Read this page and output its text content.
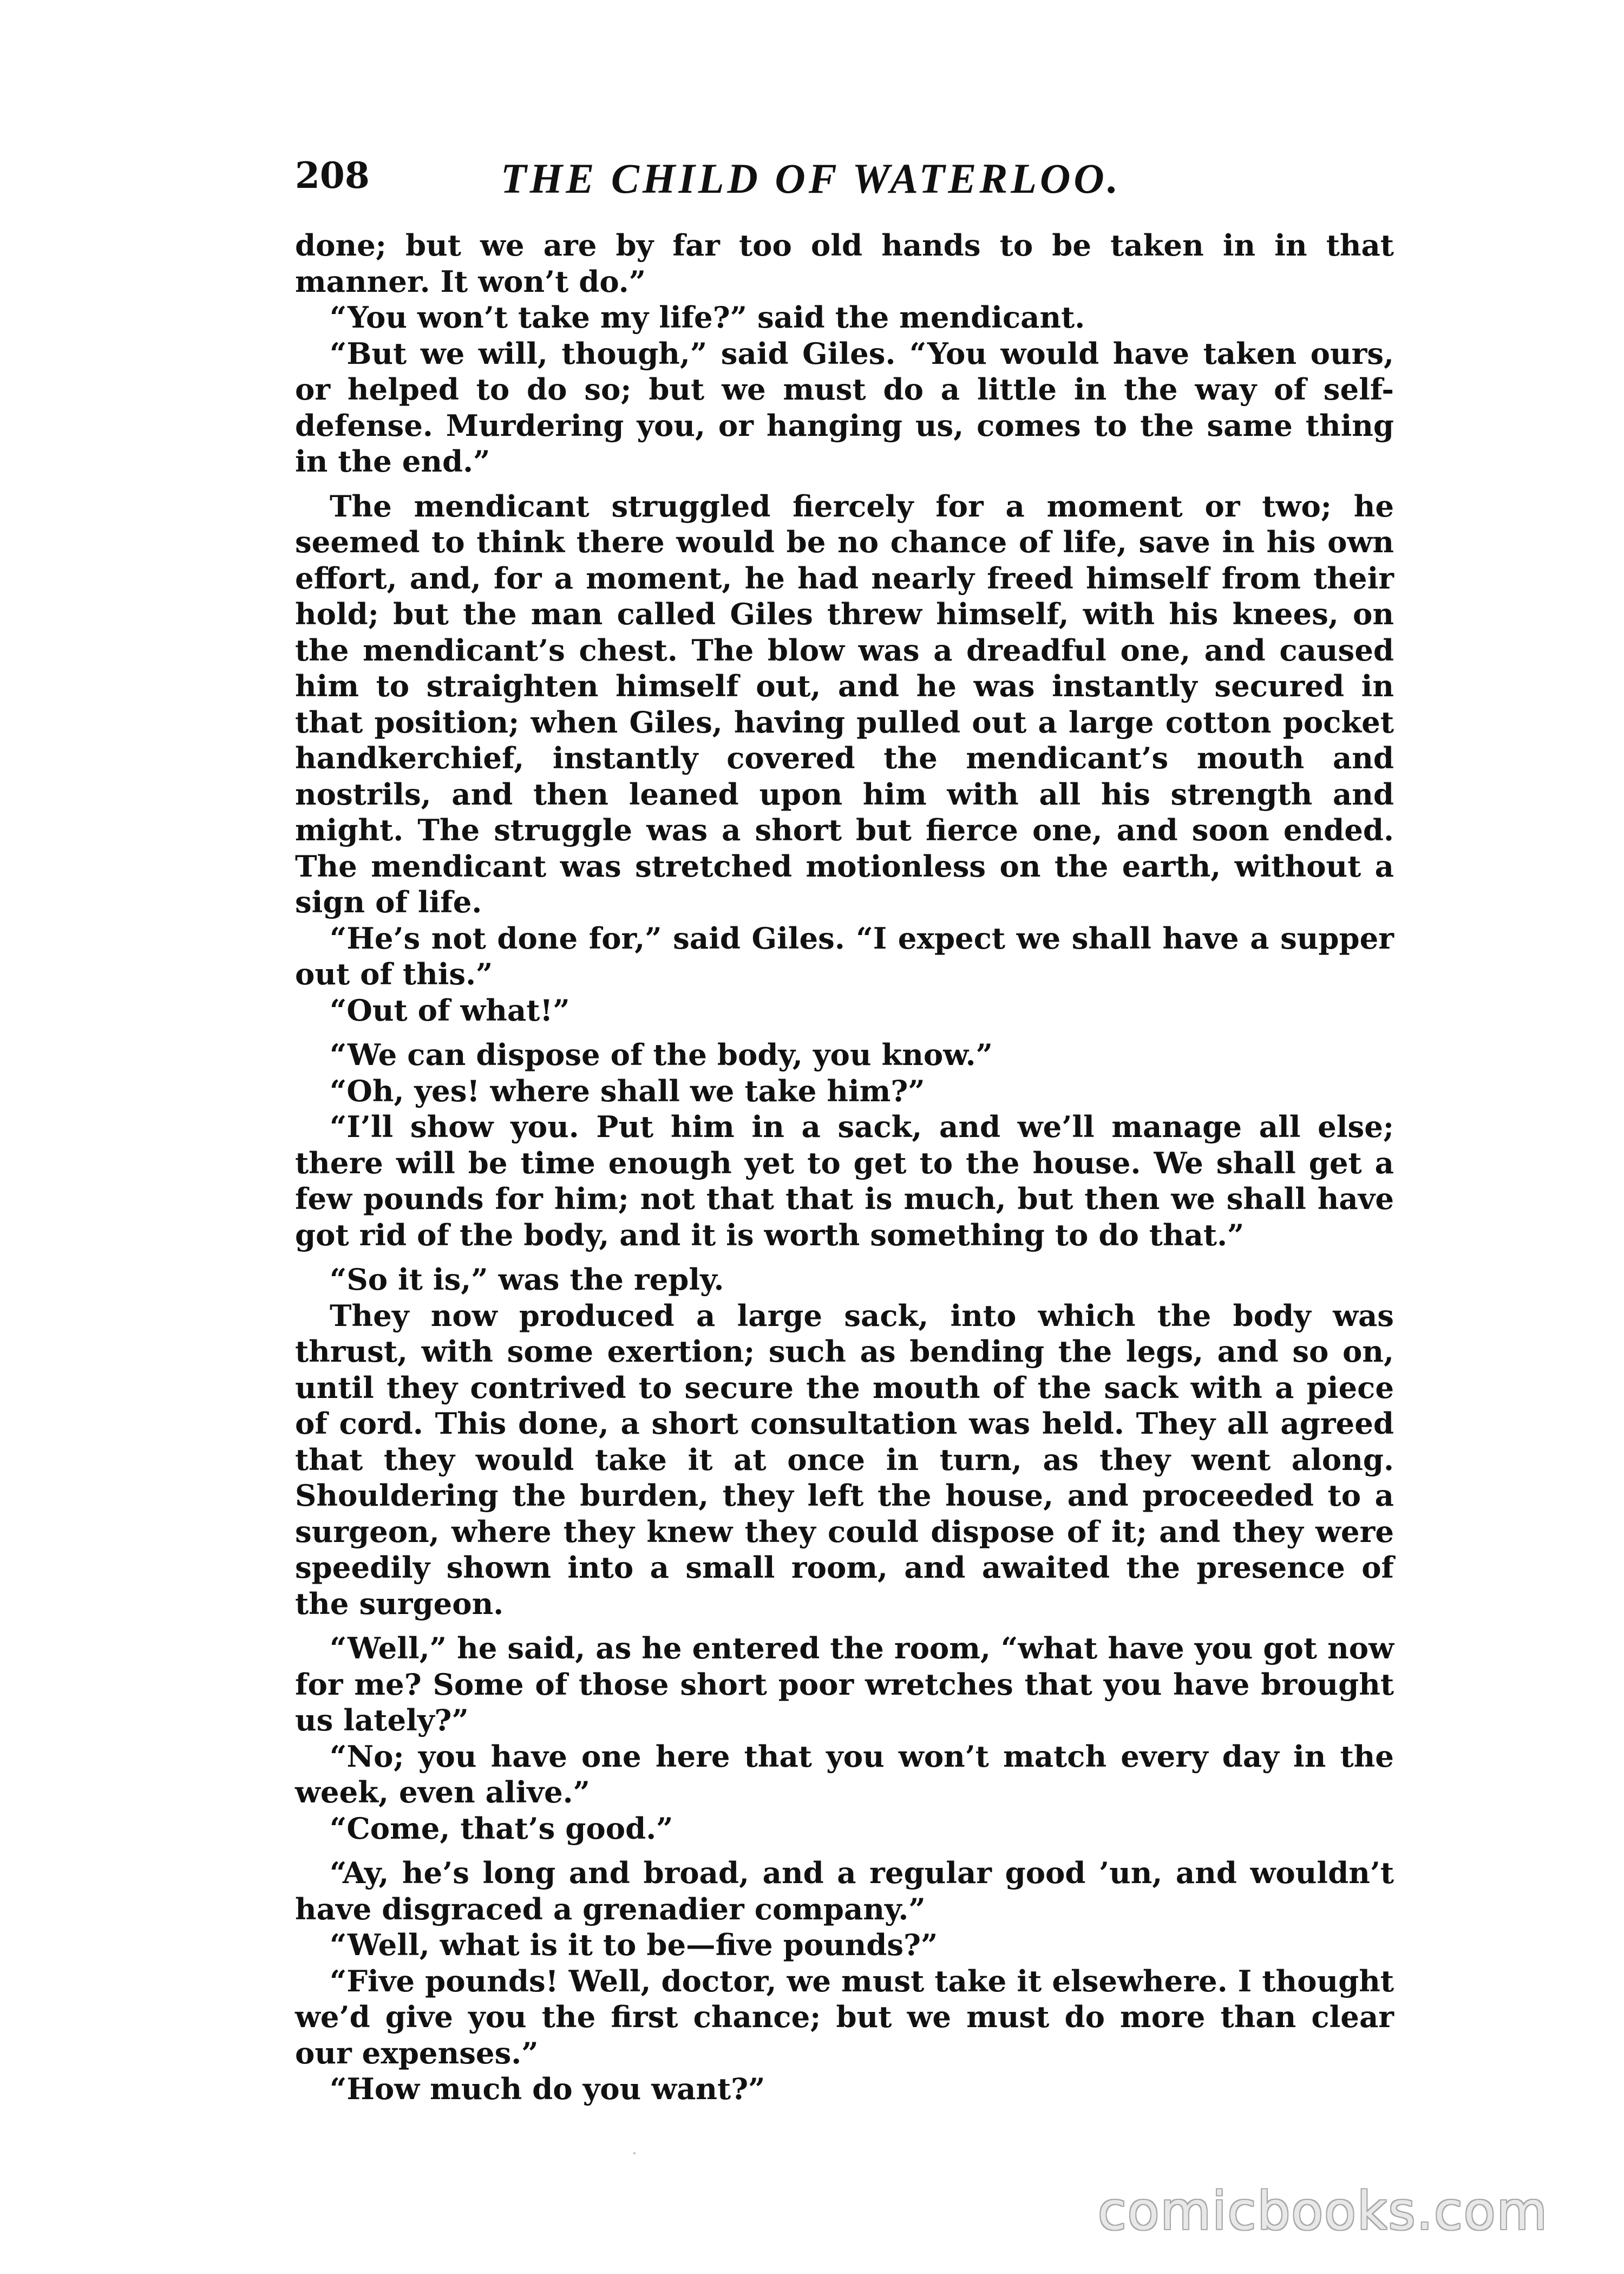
208	THE CHILD OF WATERLOO.

done; but we are by far too old hands to be taken in in that manner. It won’t do.”

“You won’t take my life?” said the mendicant.

“But we will, though,” said Giles. “You would have taken ours, or helped to do so; but we must do a little in the way of self-defense. Murdering you, or hanging us, comes to the same thing in the end.”

The mendicant struggled fiercely for a moment or two; he seemed to think there would be no chance of life, save in his own effort, and, for a moment, he had nearly freed himself from their hold; but the man called Giles threw himself, with his knees, on the mendicant’s chest. The blow was a dreadful one, and caused him to straighten himself out, and he was instantly secured in that position; when Giles, having pulled out a large cotton pocket handkerchief, instantly covered the mendicant’s mouth and nostrils, and then leaned upon him with all his strength and might. The struggle was a short but fierce one, and soon ended. The mendicant was stretched motionless on the earth, without a sign of life.

“He’s not done for,” said Giles. “I expect we shall have a supper out of this.”

“Out of what!”

“We can dispose of the body, you know.”

“Oh, yes! where shall we take him?”

“I’ll show you. Put him in a sack, and we’ll manage all else; there will be time enough yet to get to the house. We shall get a few pounds for him; not that that is much, but then we shall have got rid of the body, and it is worth something to do that.”

“So it is,” was the reply.

They now produced a large sack, into which the body was thrust, with some exertion; such as bending the legs, and so on, until they contrived to secure the mouth of the sack with a piece of cord. This done, a short consultation was held. They all agreed that they would take it at once in turn, as they went along. Shouldering the burden, they left the house, and proceeded to a surgeon, where they knew they could dispose of it; and they were speedily shown into a small room, and awaited the presence of the surgeon.

“Well,” he said, as he entered the room, “what have you got now for me? Some of those short poor wretches that you have brought us lately?”

“No; you have one here that you won’t match every day in the week, even alive.”

“Come, that’s good.”

“Ay, he’s long and broad, and a regular good ’un, and wouldn’t have disgraced a grenadier company.”

“Well, what is it to be—five pounds?”

“Five pounds! Well, doctor, we must take it elsewhere. I thought we’d give you the first chance; but we must do more than clear our expenses.”

“How much do you want?”

comicbooks.com
